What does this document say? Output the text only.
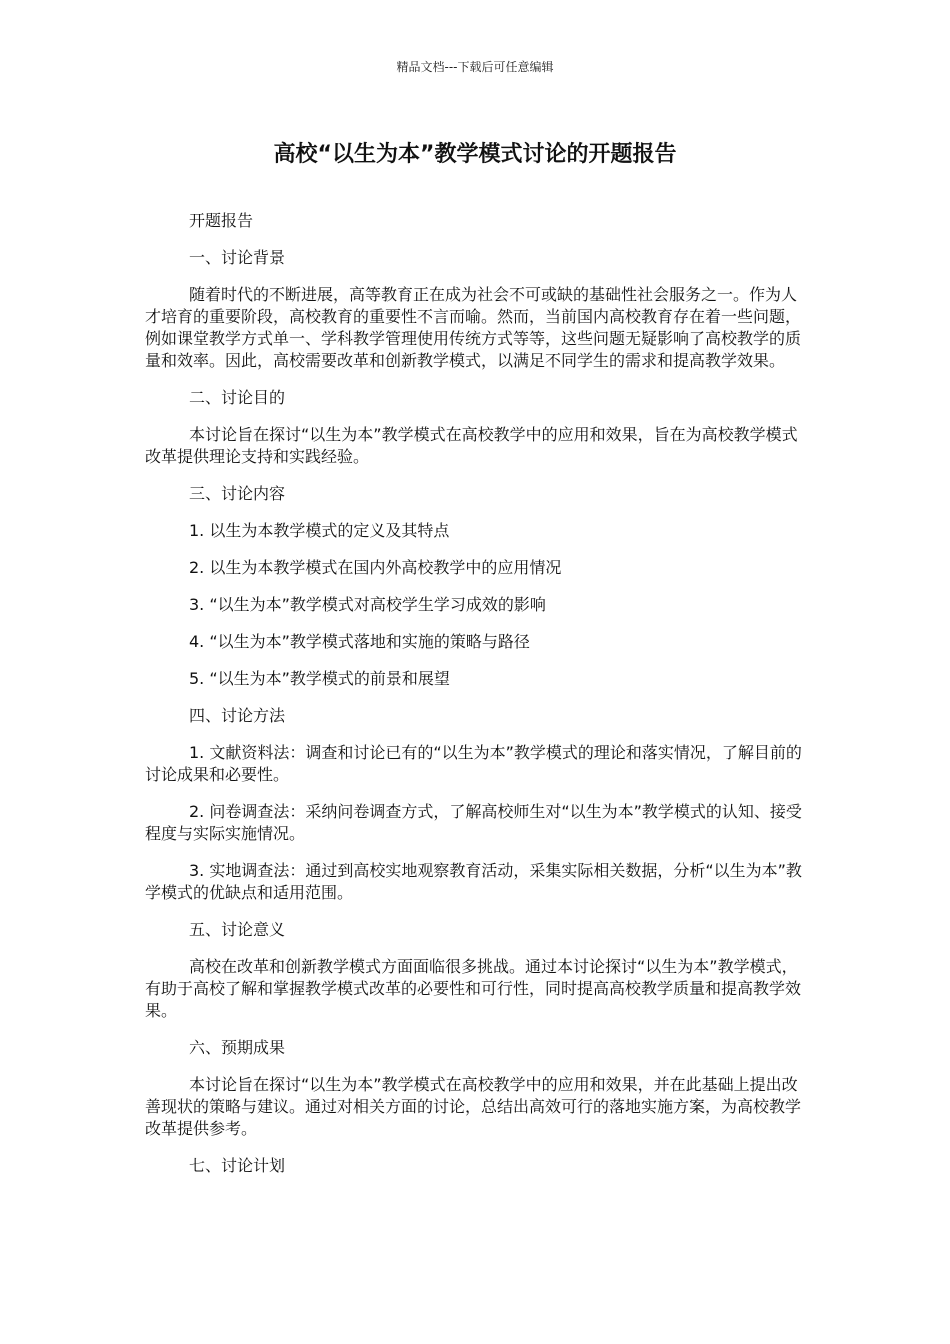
精品文档---下载后可任意编辑
高校“以生为本”教学模式讨论的开题报告
开题报告
一、讨论背景
随着时代的不断进展，高等教育正在成为社会不可或缺的基础性社会服务之一。作为人才培育的重要阶段，高校教育的重要性不言而喻。然而，当前国内高校教育存在着一些问题，例如课堂教学方式单一、学科教学管理使用传统方式等等，这些问题无疑影响了高校教学的质量和效率。因此，高校需要改革和创新教学模式，以满足不同学生的需求和提高教学效果。
二、讨论目的
本讨论旨在探讨“以生为本”教学模式在高校教学中的应用和效果，旨在为高校教学模式改革提供理论支持和实践经验。
三、讨论内容
1. 以生为本教学模式的定义及其特点
2. 以生为本教学模式在国内外高校教学中的应用情况
3. “以生为本”教学模式对高校学生学习成效的影响
4. “以生为本”教学模式落地和实施的策略与路径
5. “以生为本”教学模式的前景和展望
四、讨论方法
1. 文献资料法：调查和讨论已有的“以生为本”教学模式的理论和落实情况，了解目前的讨论成果和必要性。
2. 问卷调查法：采纳问卷调查方式，了解高校师生对“以生为本”教学模式的认知、接受程度与实际实施情况。
3. 实地调查法：通过到高校实地观察教育活动，采集实际相关数据，分析“以生为本”教学模式的优缺点和适用范围。
五、讨论意义
高校在改革和创新教学模式方面面临很多挑战。通过本讨论探讨“以生为本”教学模式，有助于高校了解和掌握教学模式改革的必要性和可行性，同时提高高校教学质量和提高教学效果。
六、预期成果
本讨论旨在探讨“以生为本”教学模式在高校教学中的应用和效果，并在此基础上提出改善现状的策略与建议。通过对相关方面的讨论，总结出高效可行的落地实施方案，为高校教学改革提供参考。
七、讨论计划
